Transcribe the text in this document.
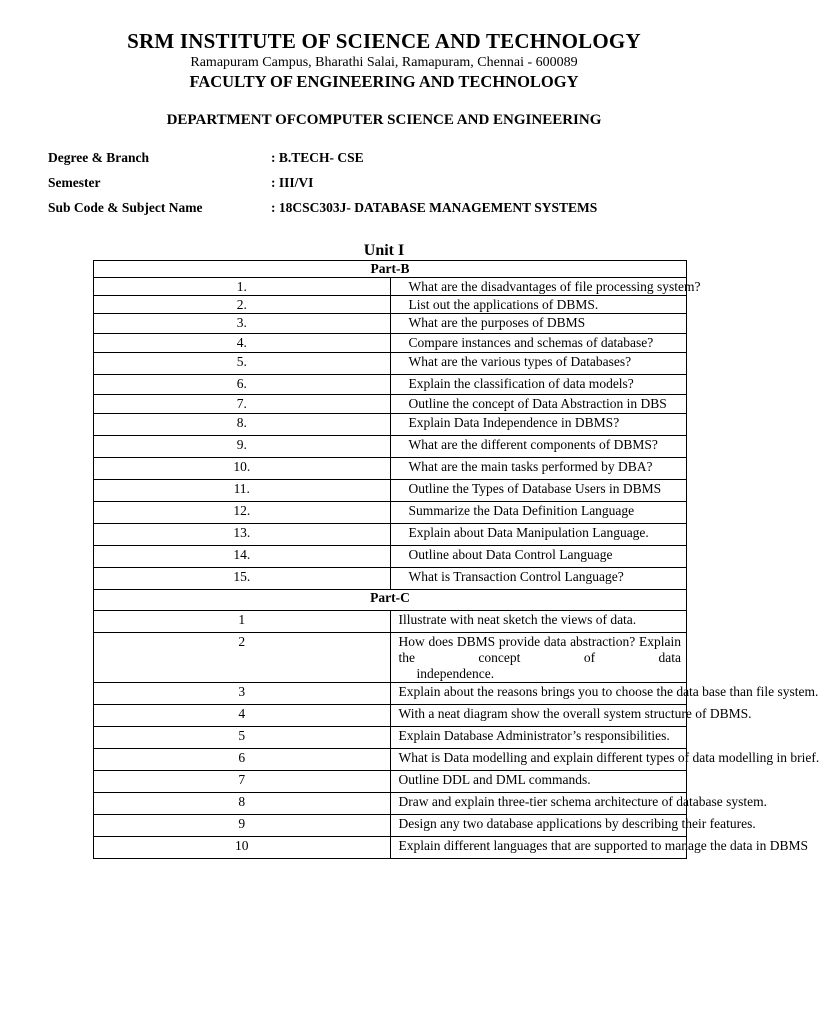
SRM INSTITUTE OF SCIENCE AND TECHNOLOGY
Ramapuram Campus, Bharathi Salai, Ramapuram, Chennai - 600089
FACULTY OF ENGINEERING AND TECHNOLOGY
DEPARTMENT OFCOMPUTER SCIENCE AND ENGINEERING
Degree & Branch	: B.TECH- CSE
Semester	: III/VI
Sub Code & Subject Name	: 18CSC303J- DATABASE MANAGEMENT SYSTEMS
Unit I
Part-B	
1.	What are the disadvantages of file processing system?
2.	List out the applications of DBMS.
3.	What are the purposes of DBMS
4.	Compare instances and schemas of database?
5.	What are the various types of Databases?
6.	Explain the classification of data models?
7.	Outline the concept of Data Abstraction in DBS
8.	Explain Data Independence in DBMS?
9.	What are the different components of DBMS?
10.	What are the main tasks performed by DBA?
11.	Outline the Types of Database Users in DBMS
12.	Summarize the Data Definition Language
13.	Explain about Data Manipulation Language.
14.	Outline about Data Control Language
15.	What is Transaction Control Language?
Part-C	
1	Illustrate with neat sketch the views of data.
2	How does DBMS provide data abstraction? Explain the concept of data
independence.

3	Explain about the reasons brings you to choose the data base than file system.
4	With a neat diagram show the overall system structure of DBMS.
5	Explain Database Administrator’s responsibilities.
6	What is Data modelling and explain different types of data modelling in brief.
7	Outline DDL and DML commands.
8	Draw and explain three-tier schema architecture of database system.
9	Design any two database applications by describing their features.
10	Explain different languages that are supported to manage the data in DBMS
